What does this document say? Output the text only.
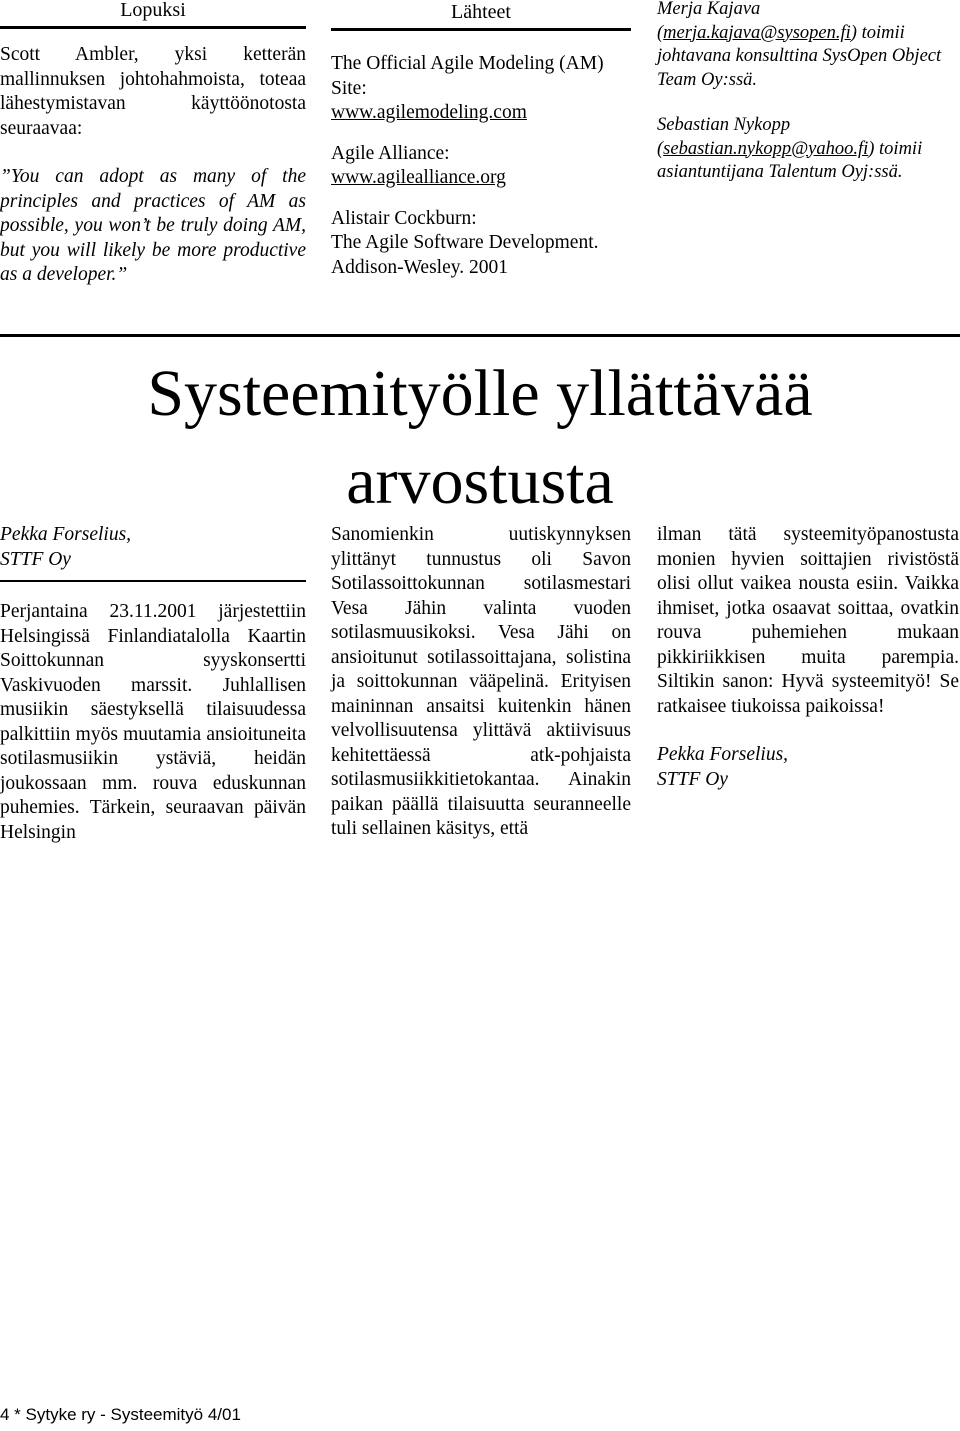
Lopuksi

Scott Ambler, yksi ketterän mallinnuksen johtohahmoista, toteaa lähestymistavan käyttöönotosta seuraavaa:

”You can adopt as many of the principles and practices of AM as possible, you won’t be truly doing AM, but you will likely be more productive as a developer.”

Lähteet

The Official Agile Modeling (AM) Site:

www.agilemodeling.com

Agile Alliance:

www.agilealliance.org

Alistair Cockburn:

The Agile Software Development. Addison-Wesley. 2001

Merja Kajava
(merja.kajava@sysopen.fi) toimii johtavana konsulttina SysOpen Object Team Oy:ssä.

Sebastian Nykopp
(sebastian.nykopp@yahoo.fi) toimii asiantuntijana Talentum Oyj:ssä.

Systeemityölle yllättävää arvostusta

Pekka Forselius,

STTF Oy

Perjantaina 23.11.2001 järjestettiin Helsingissä Finlandiatalolla Kaartin Soittokunnan syyskonsertti Vaskivuoden marssit. Juhlallisen musiikin säestyksellä tilaisuudessa palkittiin myös muutamia ansioituneita sotilasmusiikin ystäviä, heidän joukossaan mm. rouva eduskunnan puhemies. Tärkein, seuraavan päivän Helsingin

Sanomienkin uutiskynnyksen ylittänyt tunnustus oli Savon Sotilassoittokunnan sotilasmestari Vesa Jähin valinta vuoden sotilasmuusikoksi. Vesa Jähi on ansioitunut sotilassoittajana, solistina ja soittokunnan vääpelinä. Erityisen maininnan ansaitsi kuitenkin hänen velvollisuutensa ylittävä aktiivisuus kehitettäessä atk-pohjaista sotilasmusiikkitietokantaa. Ainakin paikan päällä tilaisuutta seuranneelle tuli sellainen käsitys, että

ilman tätä systeemityöpanostusta monien hyvien soittajien rivistöstä olisi ollut vaikea nousta esiin. Vaikka ihmiset, jotka osaavat soittaa, ovatkin rouva puhemiehen mukaan pikkiriikkisen muita parempia. Siltikin sanon: Hyvä systeemityö! Se ratkaisee tiukoissa paikoissa!

Pekka Forselius,

STTF Oy

4 * Sytyke ry - Systeemityö 4/01
